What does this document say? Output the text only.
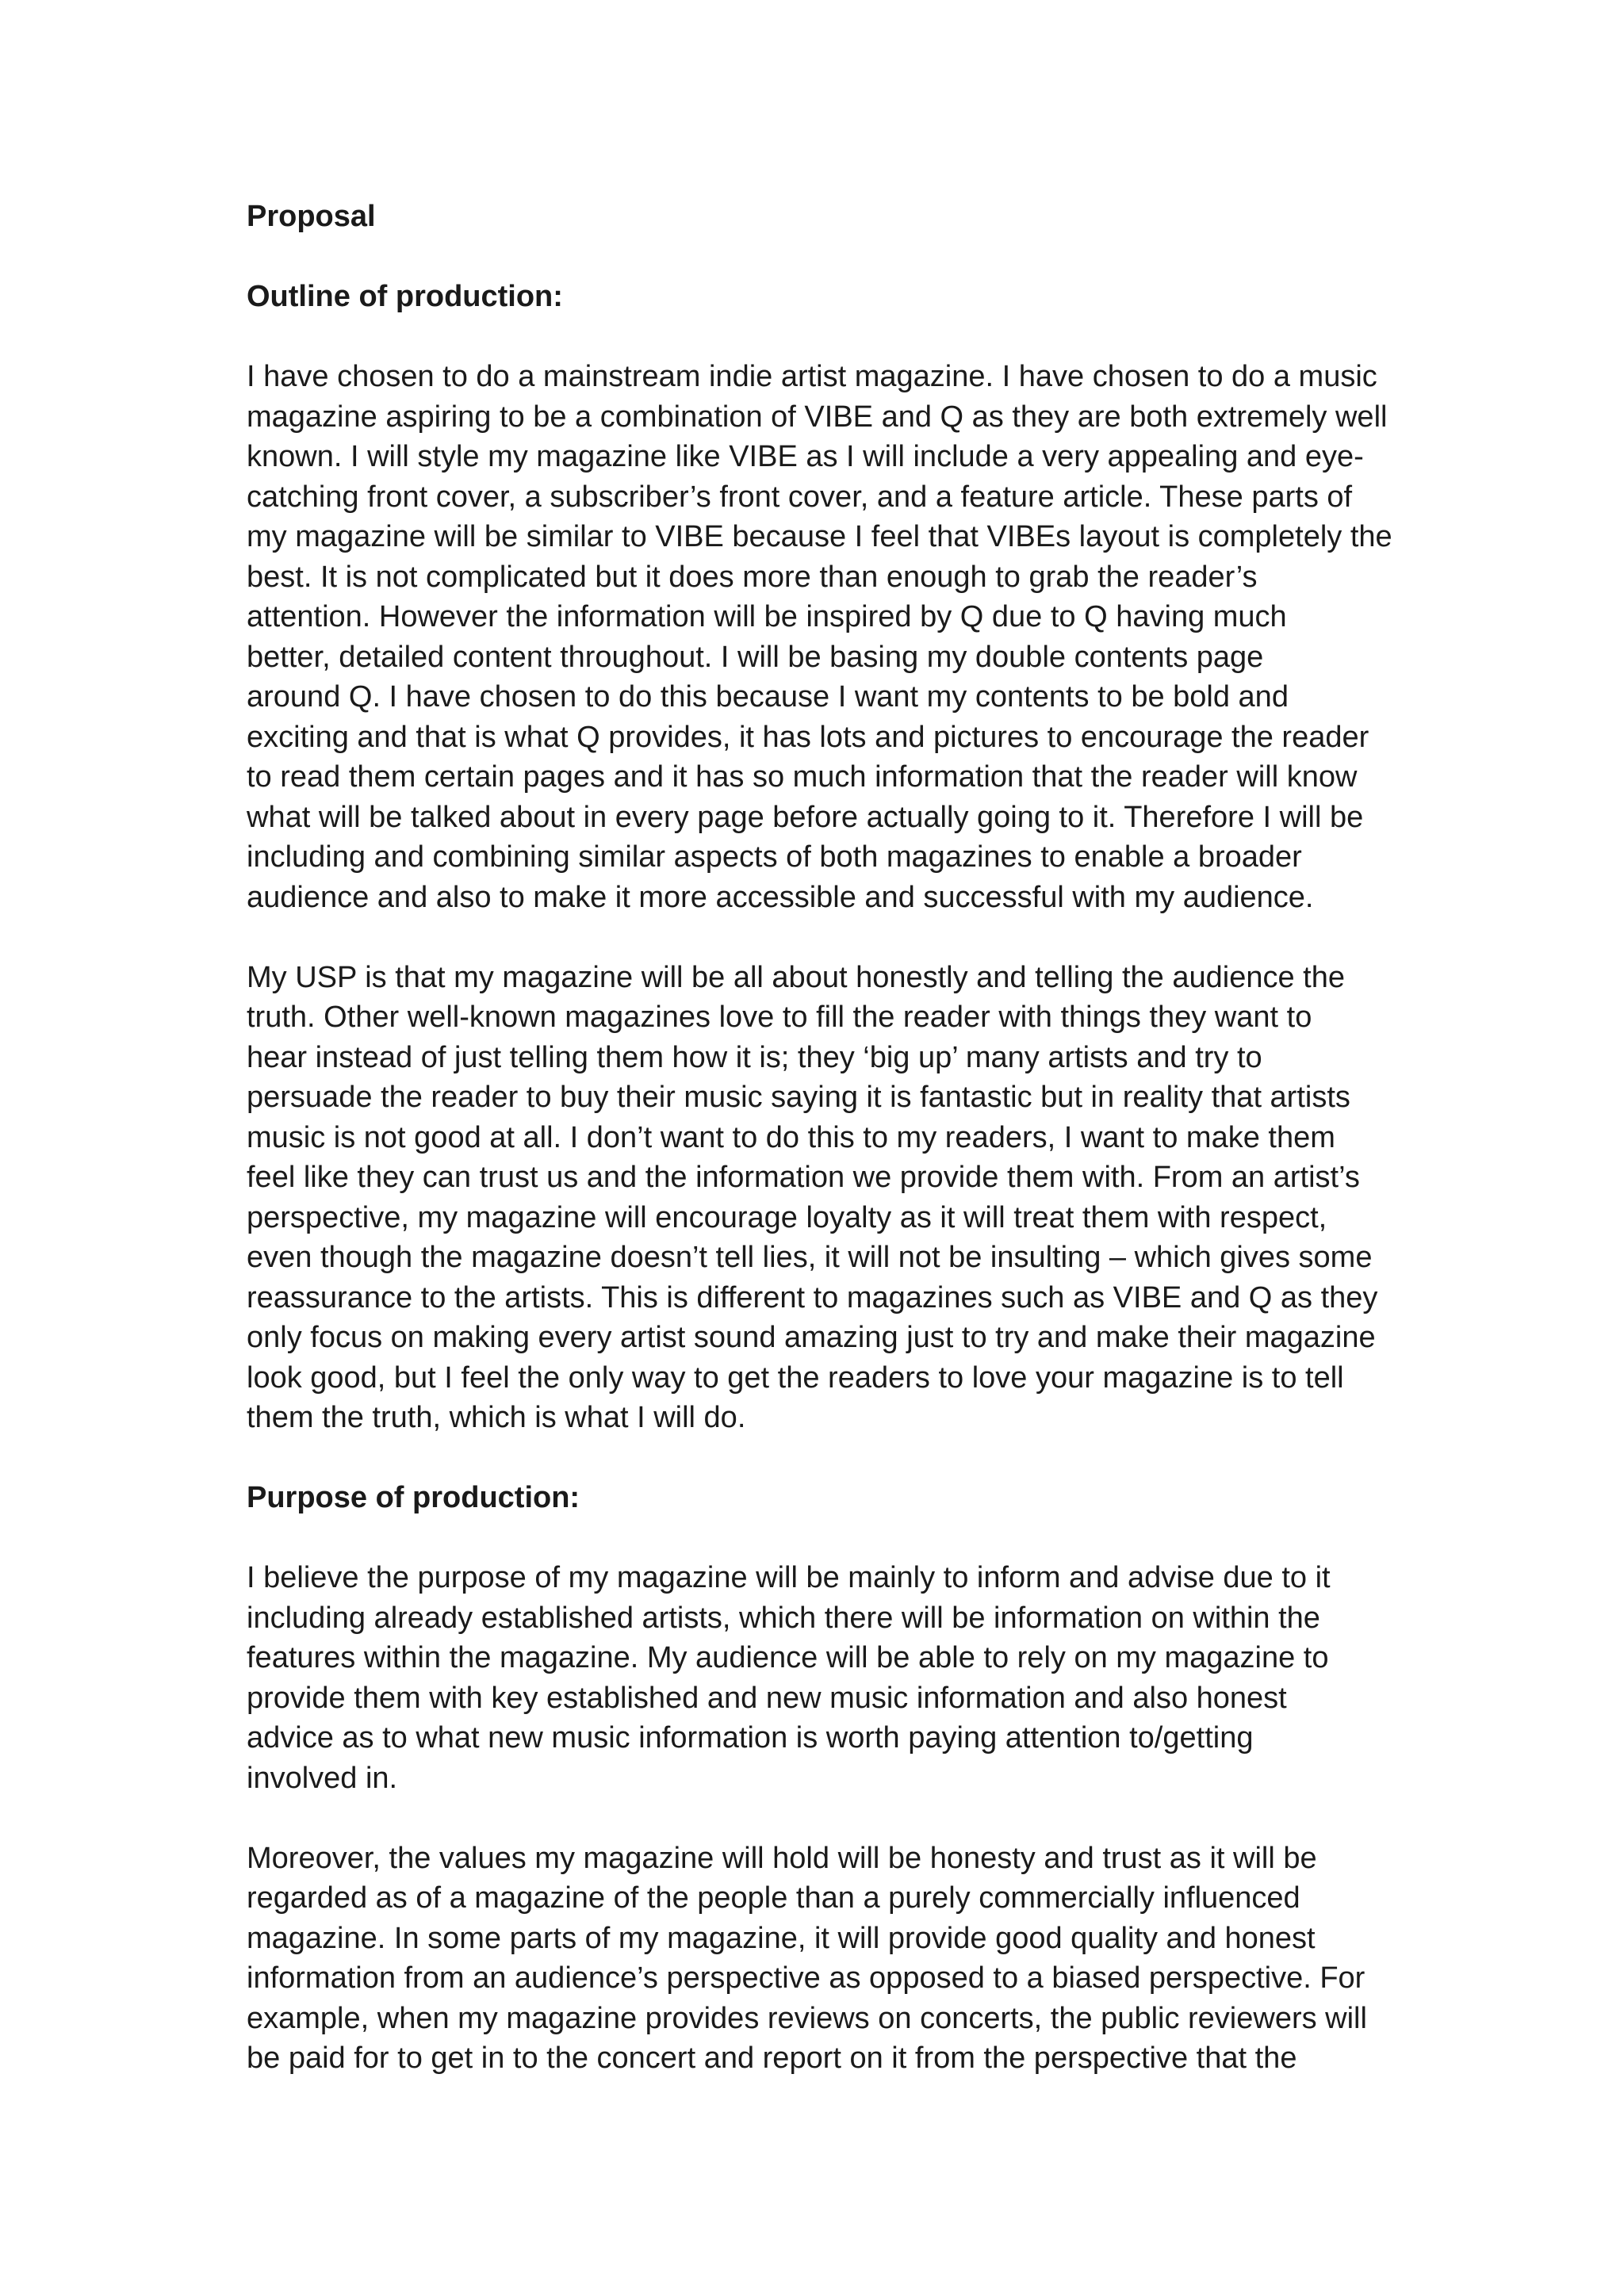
Proposal

Outline of production:

I have chosen to do a mainstream indie artist magazine. I have chosen to do a music
magazine aspiring to be a combination of VIBE and Q as they are both extremely well
known. I will style my magazine like VIBE as I will include a very appealing and eye-
catching front cover, a subscriber’s front cover, and a feature article. These parts of
my magazine will be similar to VIBE because I feel that VIBEs layout is completely the
best. It is not complicated but it does more than enough to grab the reader’s
attention. However the information will be inspired by Q due to Q having much
better, detailed content throughout. I will be basing my double contents page
around Q. I have chosen to do this because I want my contents to be bold and
exciting and that is what Q provides, it has lots and pictures to encourage the reader
to read them certain pages and it has so much information that the reader will know
what will be talked about in every page before actually going to it. Therefore I will be
including and combining similar aspects of both magazines to enable a broader
audience and also to make it more accessible and successful with my audience.

My USP is that my magazine will be all about honestly and telling the audience the
truth. Other well-known magazines love to fill the reader with things they want to
hear instead of just telling them how it is; they ‘big up’ many artists and try to
persuade the reader to buy their music saying it is fantastic but in reality that artists
music is not good at all. I don’t want to do this to my readers, I want to make them
feel like they can trust us and the information we provide them with. From an artist’s
perspective, my magazine will encourage loyalty as it will treat them with respect,
even though the magazine doesn’t tell lies, it will not be insulting – which gives some
reassurance to the artists. This is different to magazines such as VIBE and Q as they
only focus on making every artist sound amazing just to try and make their magazine
look good, but I feel the only way to get the readers to love your magazine is to tell
them the truth, which is what I will do.

Purpose of production:

I believe the purpose of my magazine will be mainly to inform and advise due to it
including already established artists, which there will be information on within the
features within the magazine. My audience will be able to rely on my magazine to
provide them with key established and new music information and also honest
advice as to what new music information is worth paying attention to/getting
involved in.

Moreover, the values my magazine will hold will be honesty and trust as it will be
regarded as of a magazine of the people than a purely commercially influenced
magazine. In some parts of my magazine, it will provide good quality and honest
information from an audience’s perspective as opposed to a biased perspective. For
example, when my magazine provides reviews on concerts, the public reviewers will
be paid for to get in to the concert and report on it from the perspective that the
